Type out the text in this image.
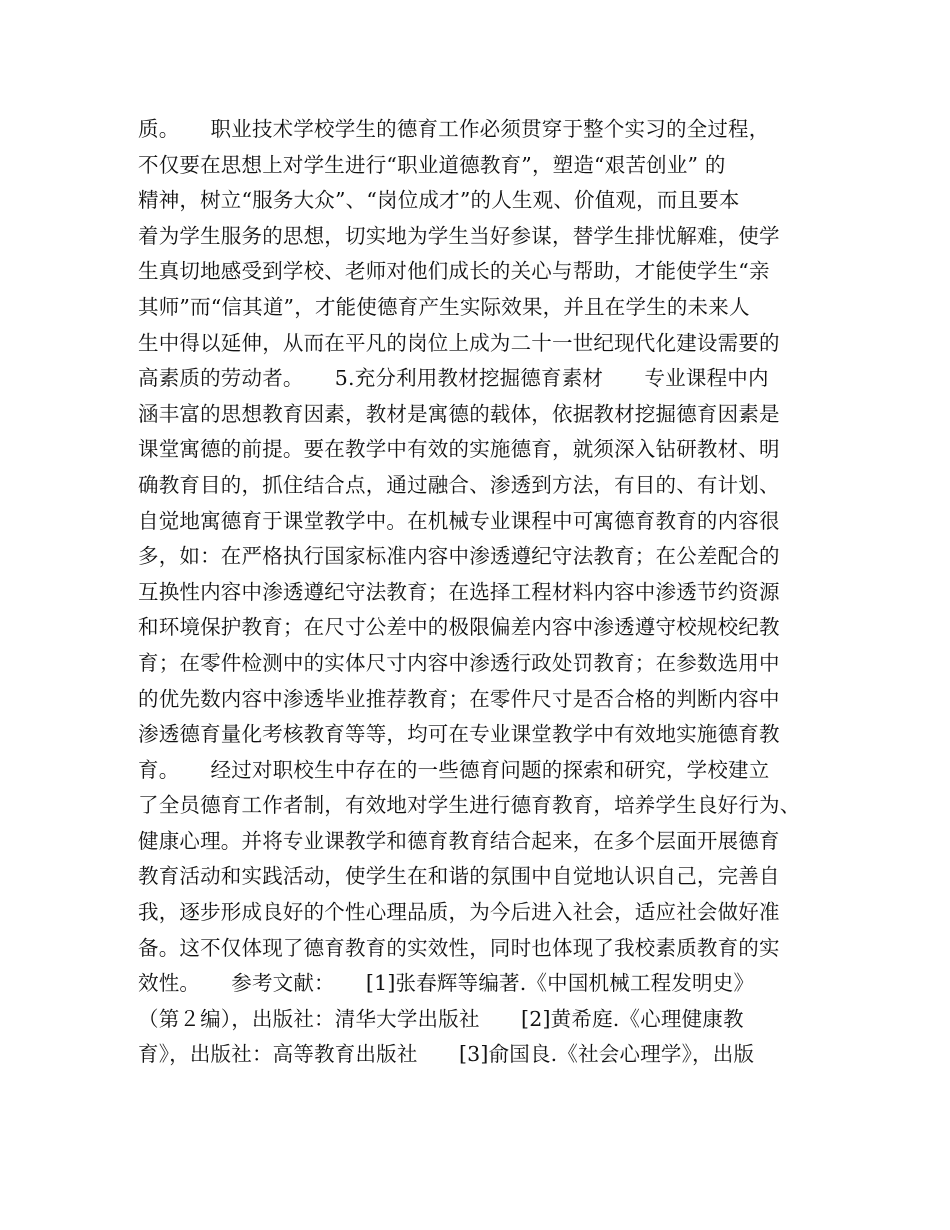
质。　　职业技术学校学生的德育工作必须贯穿于整个实习的全过程，
不仅要在思想上对学生进行“职业道德教育”，塑造“艰苦创业” 的
精神，树立“服务大众”、“岗位成才”的人生观、价值观，而且要本
着为学生服务的思想，切实地为学生当好参谋，替学生排忧解难，使学
生真切地感受到学校、老师对他们成长的关心与帮助，才能使学生“亲
其师”而“信其道”，才能使德育产生实际效果，并且在学生的未来人
生中得以延伸，从而在平凡的岗位上成为二十一世纪现代化建设需要的
高素质的劳动者。　　5.充分利用教材挖掘德育素材　　专业课程中内
涵丰富的思想教育因素，教材是寓德的载体，依据教材挖掘德育因素是
课堂寓德的前提。要在教学中有效的实施德育，就须深入钻研教材、明
确教育目的，抓住结合点，通过融合、渗透到方法，有目的、有计划、
自觉地寓德育于课堂教学中。在机械专业课程中可寓德育教育的内容很
多，如：在严格执行国家标准内容中渗透遵纪守法教育；在公差配合的
互换性内容中渗透遵纪守法教育；在选择工程材料内容中渗透节约资源
和环境保护教育；在尺寸公差中的极限偏差内容中渗透遵守校规校纪教
育；在零件检测中的实体尺寸内容中渗透行政处罚教育；在参数选用中
的优先数内容中渗透毕业推荐教育；在零件尺寸是否合格的判断内容中
渗透德育量化考核教育等等，均可在专业课堂教学中有效地实施德育教
育。　　经过对职校生中存在的一些德育问题的探索和研究，学校建立
了全员德育工作者制，有效地对学生进行德育教育，培养学生良好行为、
健康心理。并将专业课教学和德育教育结合起来，在多个层面开展德育
教育活动和实践活动，使学生在和谐的氛围中自觉地认识自己，完善自
我，逐步形成良好的个性心理品质，为今后进入社会，适应社会做好准
备。这不仅体现了德育教育的实效性，同时也体现了我校素质教育的实
效性。　　参考文献：　　[1]张春辉等编著.《中国机械工程发明史》
（第２编），出版社：清华大学出版社　　[2]黄希庭.《心理健康教
育》，出版社：高等教育出版社　　[3]俞国良.《社会心理学》，出版
